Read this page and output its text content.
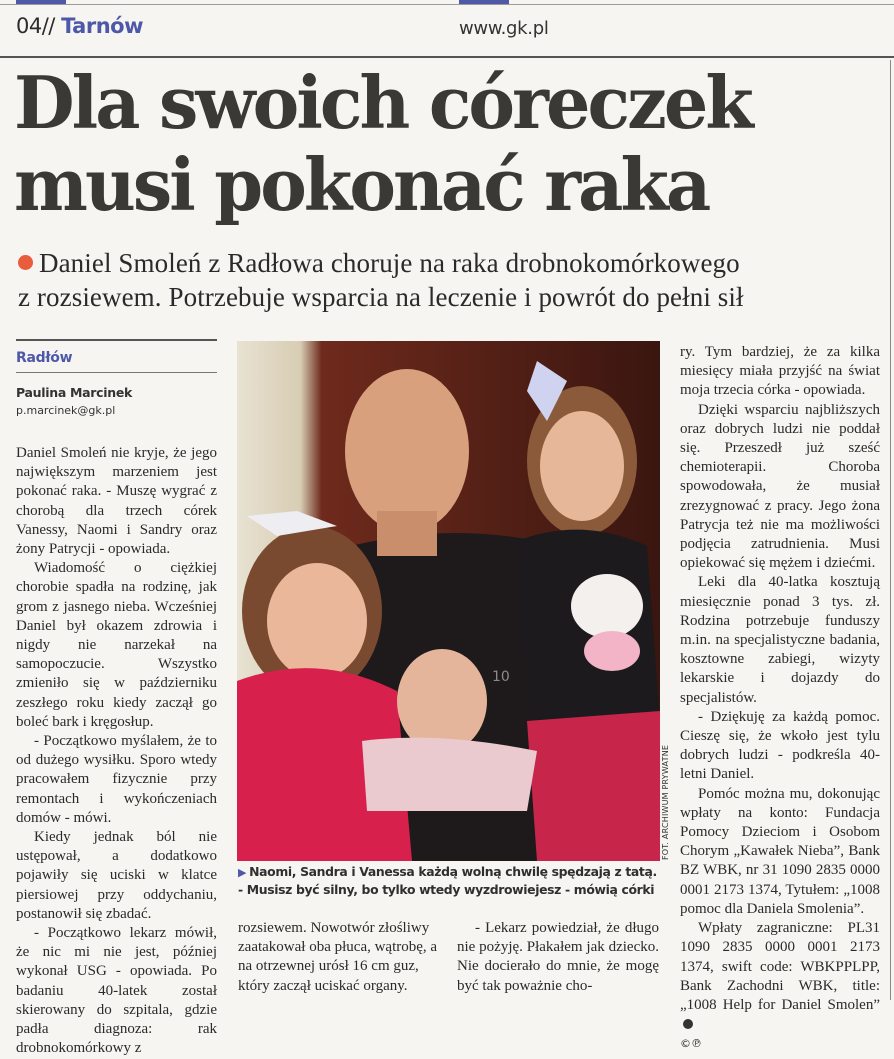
04// Tarnów	www.gk.pl
Dla swoich córeczek
musi pokonać raka
Daniel Smoleń z Radłowa choruje na raka drobnokomórkowego
z rozsiewem. Potrzebuje wsparcia na leczenie i powrót do pełni sił
Radłów
Paulina Marcinek
p.marcinek@gk.pl

Daniel Smoleń nie kryje, że jego największym marzeniem jest pokonać raka. - Muszę wygrać z chorobą dla trzech córek Vanessy, Naomi i Sandry oraz żony Patrycji - opowiada.

Wiadomość o ciężkiej chorobie spadła na rodzinę, jak grom z jasnego nieba. Wcześniej Daniel był okazem zdrowia i nigdy nie narzekał na samopoczucie. Wszystko zmieniło się w październiku zeszłego roku kiedy zaczął go boleć bark i kręgosłup.

- Początkowo myślałem, że to od dużego wysiłku. Sporo wtedy pracowałem fizycznie przy remontach i wykończeniach domów - mówi.

Kiedy jednak ból nie ustępował, a dodatkowo pojawiły się uciski w klatce piersiowej przy oddychaniu, postanowił się zbadać.

- Początkowo lekarz mówił, że nic mi nie jest, później wykonał USG - opowiada. Po badaniu 40-latek został skierowany do szpitala, gdzie padła diagnoza: rak drobnokomórkowy z

10
FOT. ARCHIWUM PRYWATNE
▶ Naomi, Sandra i Vanessa każdą wolną chwilę spędzają z tatą.
- Musisz być silny, bo tylko wtedy wyzdrowiejesz - mówią córki

rozsiewem. Nowotwór złośliwy zaatakował oba płuca, wątrobę, a na otrzewnej urósł 16 cm guz, który zaczął uciskać organy.

- Lekarz powiedział, że długo nie pożyję. Płakałem jak dziecko. Nie docierało do mnie, że mogę być tak poważnie cho-

ry. Tym bardziej, że za kilka miesięcy miała przyjść na świat moja trzecia córka - opowiada.

Dzięki wsparciu najbliższych oraz dobrych ludzi nie poddał się. Przeszedł już sześć chemioterapii. Choroba spowodowała, że musiał zrezygnować z pracy. Jego żona Patrycja też nie ma możliwości podjęcia zatrudnienia. Musi opiekować się mężem i dziećmi.

Leki dla 40-latka kosztują miesięcznie ponad 3 tys. zł. Rodzina potrzebuje funduszy m.in. na specjalistyczne badania, kosztowne zabiegi, wizyty lekarskie i dojazdy do specjalistów.

- Dziękuję za każdą pomoc. Cieszę się, że wkoło jest tylu dobrych ludzi - podkreśla 40-letni Daniel.

Pomóc można mu, dokonując wpłaty na konto: Fundacja Pomocy Dzieciom i Osobom Chorym „Kawałek Nieba”, Bank BZ WBK, nr 31 1090 2835 0000 0001 2173 1374, Tytułem: „1008 pomoc dla Daniela Smolenia”.

Wpłaty zagraniczne: PL31 1090 2835 0000 0001 2173 1374, swift code: WBKPPLPP, Bank Zachodni WBK, title: „1008 Help for Daniel Smolen”

©℗
